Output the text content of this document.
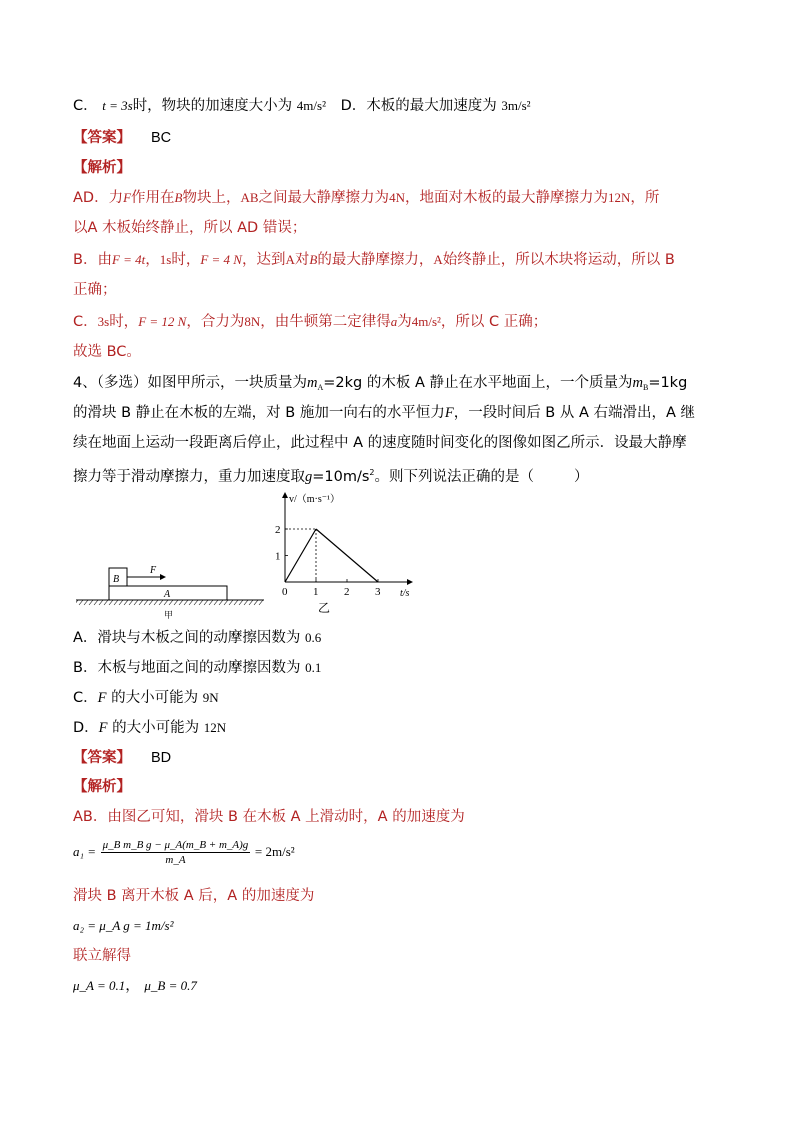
C． t = 3s时，物块的加速度大小为 4m/s² D．木板的最大加速度为 3m/s²
【答案】 BC
【解析】
AD．力F作用在B物块上，AB之间最大静摩擦力为4N，地面对木板的最大静摩擦力为12N，所
以A 木板始终静止，所以 AD 错误；
B．由F = 4t，1s时，F = 4 N，达到A对B的最大静摩擦力，A始终静止，所以木块将运动，所以 B
正确；
C．3s时，F = 12 N，合力为8N，由牛顿第二定律得a为4m/s²，所以 C 正确；
故选 BC。
4、（多选）如图甲所示，一块质量为$m_A=2kg$ 的木板 A 静止在水平地面上，一个质量为$m_B=1kg$
的滑块 B 静止在木板的左端，对 B 施加一向右的水平恒力F，一段时间后 B 从 A 右端滑出，A 继
续在地面上运动一段距离后停止，此过程中 A 的速度随时间变化的图像如图乙所示．设最大静摩
擦力等于滑动摩擦力，重力加速度取$g=10m/s^2$。则下列说法正确的是（	）
B
F
A
甲
v/（m·s⁻¹）
t/s
乙
0 1 2 3
1
2
A．滑块与木板之间的动摩擦因数为 0.6
B．木板与地面之间的动摩擦因数为 0.1
C．F 的大小可能为 9N
D．F 的大小可能为 12N
【答案】 BD
【解析】
AB．由图乙可知，滑块 B 在木板 A 上滑动时，A 的加速度为
$a_1 = \frac{\text{μ\_B m\_B g − μ\_A(m\_B + m\_A)g}}{m\_A} = 2m/s^2$
滑块 B 离开木板 A 后，A 的加速度为
a₂ = μ_A g = 1m/s²
联立解得
μ_A = 0.1， μ_B = 0.7
